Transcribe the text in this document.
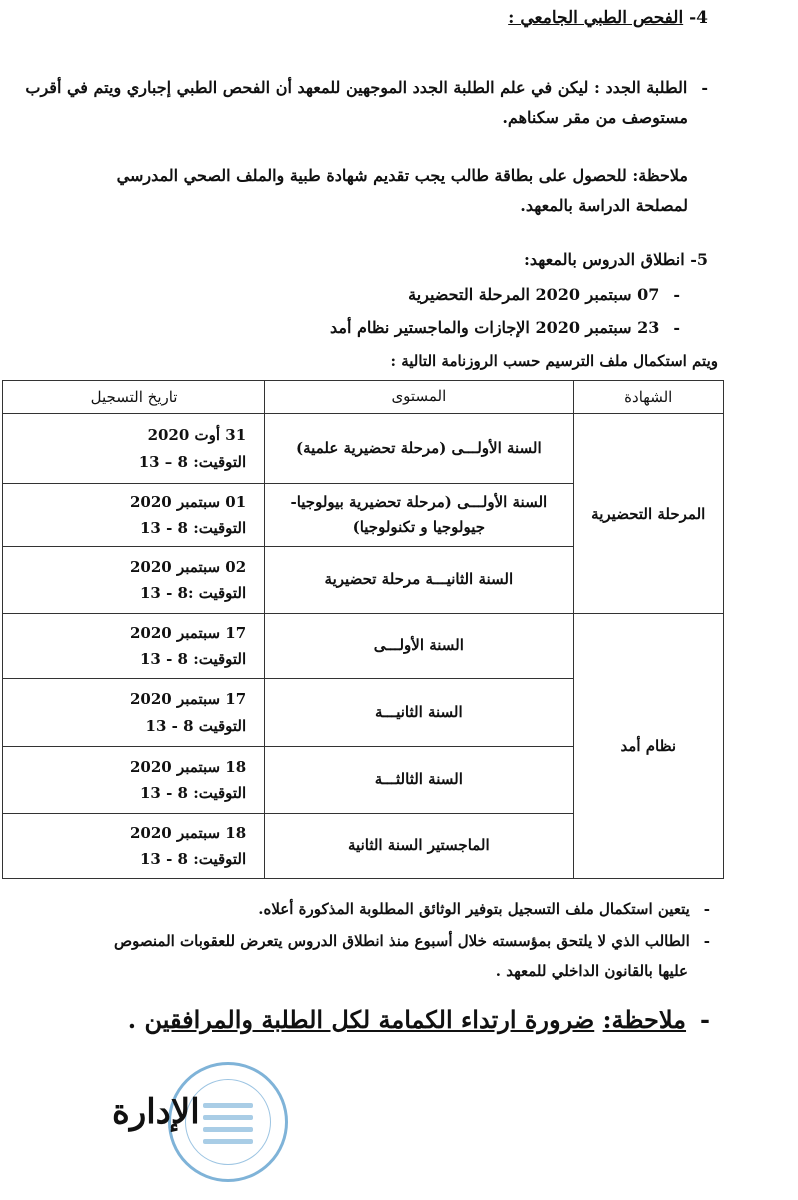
4- الفحص الطبي الجامعي :
-الطلبة الجدد : ليكن في علم الطلبة الجدد الموجهين للمعهد أن الفحص الطبي إجباري ويتم في أقرب
مستوصف من مقر سكناهم.
ملاحظة: للحصول على بطاقة طالب يجب تقديم شهادة طبية والملف الصحي المدرسي
لمصلحة الدراسة بالمعهد.
5- انطلاق الدروس بالمعهد:
-07 سبتمبر 2020 المرحلة التحضيرية
-23 سبتمبر 2020 الإجازات والماجستير نظام أمد
ويتم استكمال ملف الترسيم حسب الروزنامة التالية :
الشهادة	المستوى	تاريخ التسجيل
المرحلة التحضيرية	السنة الأولـــى (مرحلة تحضيرية علمية)	31 أوت 2020
التوقيت: 8 – 13

	السنة الأولـــى (مرحلة تحضيرية بيولوجيا- جيولوجيا و تكنولوجيا)	01 سبتمبر 2020
التوقيت: 8 - 13

	السنة الثانيـــة مرحلة تحضيرية	02 سبتمبر 2020
التوقيت :8 - 13

نظام أمد	السنة الأولـــى	17 سبتمبر 2020
التوقيت: 8 - 13

	السنة الثانيـــة	17 سبتمبر 2020
التوقيت 8 - 13

	السنة الثالثـــة	18 سبتمبر 2020
التوقيت: 8 - 13

	الماجستير السنة الثانية	18 سبتمبر 2020
التوقيت: 8 - 13
-يتعين استكمال ملف التسجيل بتوفير الوثائق المطلوبة المذكورة أعلاه.
-الطالب الذي لا يلتحق بمؤسسته خلال أسبوع منذ انطلاق الدروس يتعرض للعقوبات المنصوص
عليها بالقانون الداخلي للمعهد .
-ملاحظة: ضرورة ارتداء الكمامة لكل الطلبة والمرافقين .
الإدارة
